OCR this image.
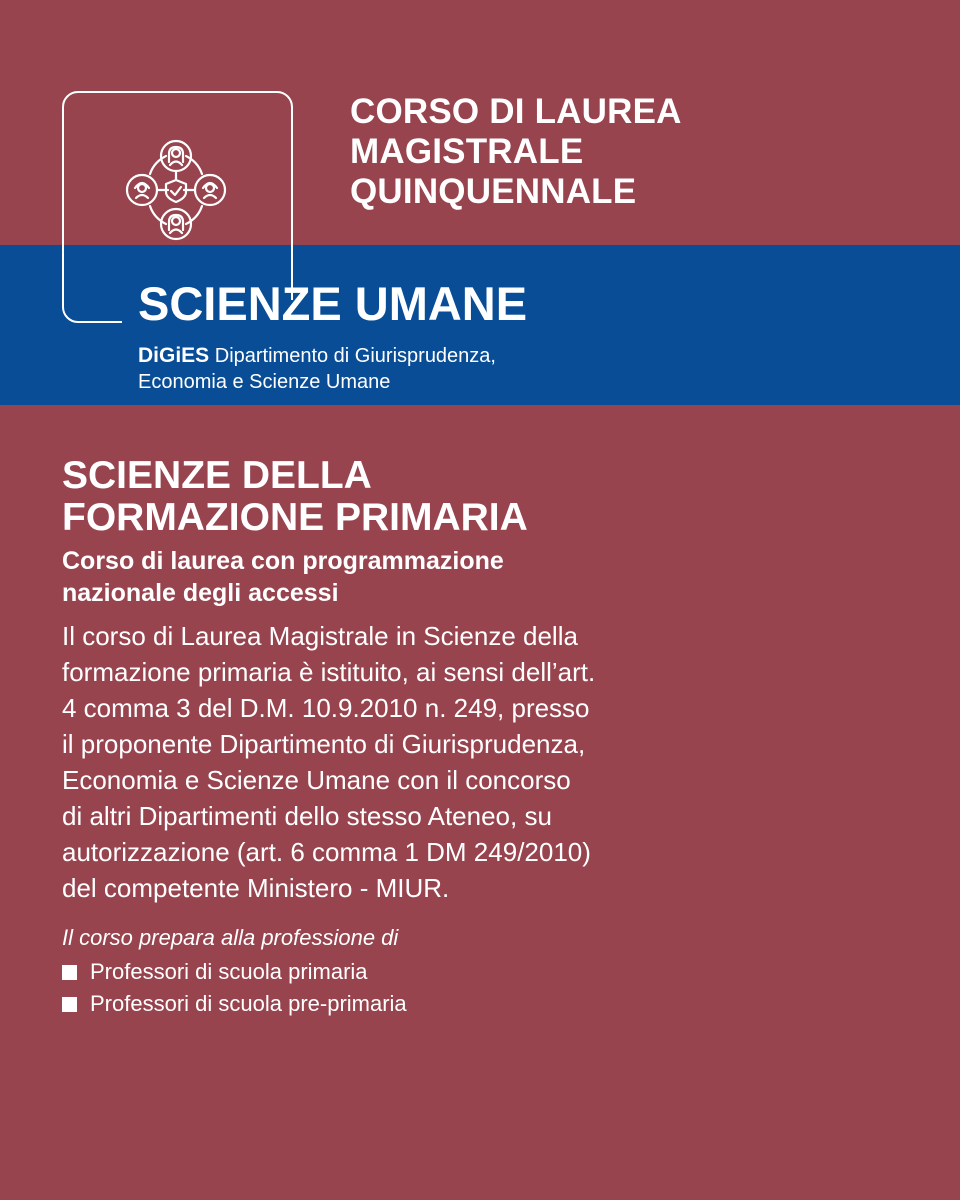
CORSO DI LAUREA
MAGISTRALE
QUINQUENNALE
SCIENZE UMANE
DiGiES Dipartimento di Giurisprudenza,
Economia e Scienze Umane
SCIENZE DELLA
FORMAZIONE PRIMARIA
Corso di laurea con programmazione
nazionale degli accessi
Il corso di Laurea Magistrale in Scienze della
formazione primaria è istituito, ai sensi dell’art.
4 comma 3 del D.M. 10.9.2010 n. 249, presso
il proponente Dipartimento di Giurisprudenza,
Economia e Scienze Umane con il concorso
di altri Dipartimenti dello stesso Ateneo, su
autorizzazione (art. 6 comma 1 DM 249/2010)
del competente Ministero - MIUR.
Il corso prepara alla professione di
Professori di scuola primaria
Professori di scuola pre-primaria
